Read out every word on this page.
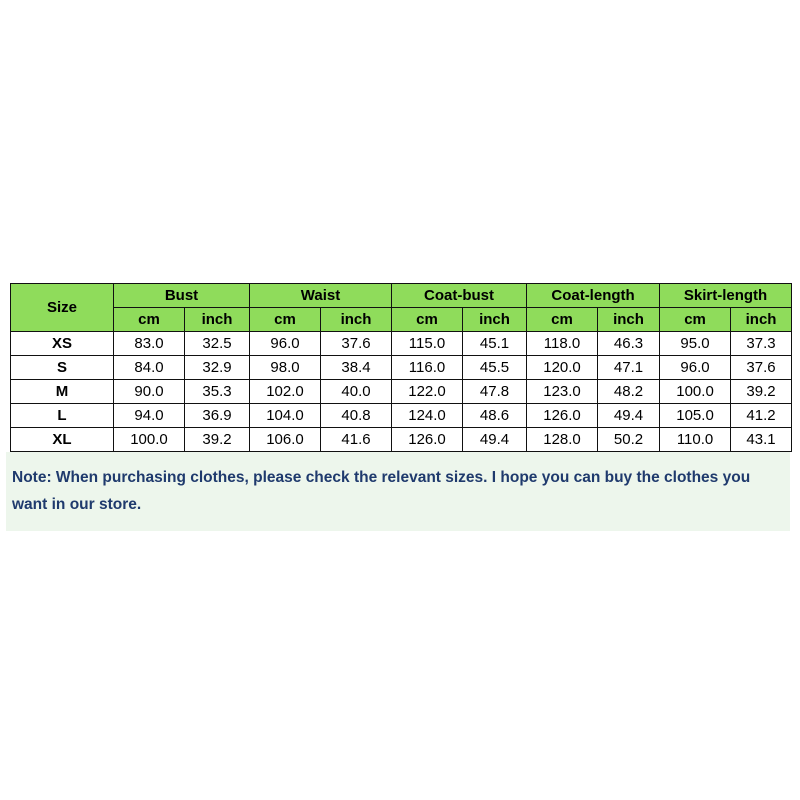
Size	Bust		Waist		Coat-bust		Coat-length		Skirt-length	
	cm	inch	cm	inch	cm	inch	cm	inch	cm	inch
XS	83.0	32.5	96.0	37.6	115.0	45.1	118.0	46.3	95.0	37.3
S	84.0	32.9	98.0	38.4	116.0	45.5	120.0	47.1	96.0	37.6
M	90.0	35.3	102.0	40.0	122.0	47.8	123.0	48.2	100.0	39.2
L	94.0	36.9	104.0	40.8	124.0	48.6	126.0	49.4	105.0	41.2
XL	100.0	39.2	106.0	41.6	126.0	49.4	128.0	50.2	110.0	43.1
Note: When purchasing clothes, please check the relevant sizes. I hope you can buy the clothes you want in our store.
